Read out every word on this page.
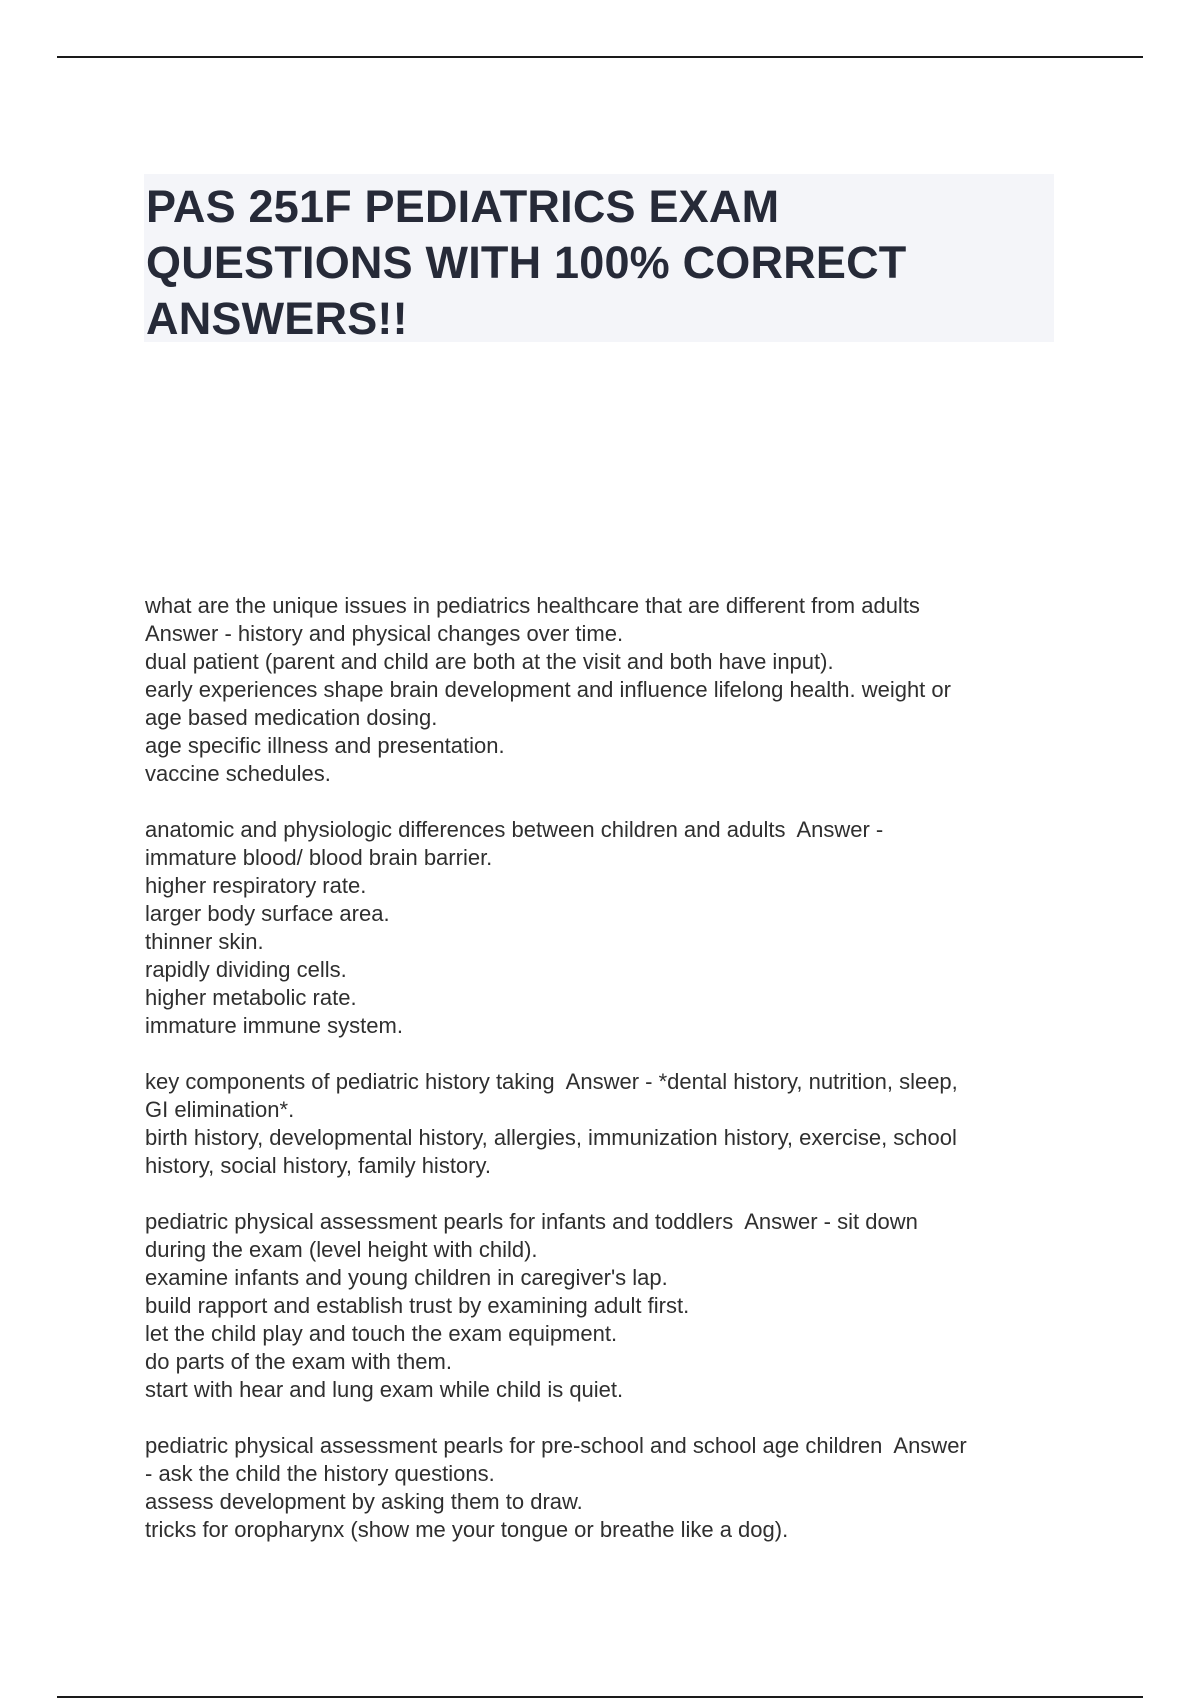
PAS 251F PEDIATRICS EXAM QUESTIONS WITH 100% CORRECT ANSWERS!!
what are the unique issues in pediatrics healthcare that are different from adults
Answer - history and physical changes over time.
dual patient (parent and child are both at the visit and both have input).
early experiences shape brain development and influence lifelong health. weight or
age based medication dosing.
age specific illness and presentation.
vaccine schedules.
anatomic and physiologic differences between children and adults  Answer -
immature blood/ blood brain barrier.
higher respiratory rate.
larger body surface area.
thinner skin.
rapidly dividing cells.
higher metabolic rate.
immature immune system.
key components of pediatric history taking  Answer - *dental history, nutrition, sleep,
GI elimination*.
birth history, developmental history, allergies, immunization history, exercise, school
history, social history, family history.
pediatric physical assessment pearls for infants and toddlers  Answer - sit down
during the exam (level height with child).
examine infants and young children in caregiver's lap.
build rapport and establish trust by examining adult first.
let the child play and touch the exam equipment.
do parts of the exam with them.
start with hear and lung exam while child is quiet.
pediatric physical assessment pearls for pre-school and school age children  Answer
- ask the child the history questions.
assess development by asking them to draw.
tricks for oropharynx (show me your tongue or breathe like a dog).
